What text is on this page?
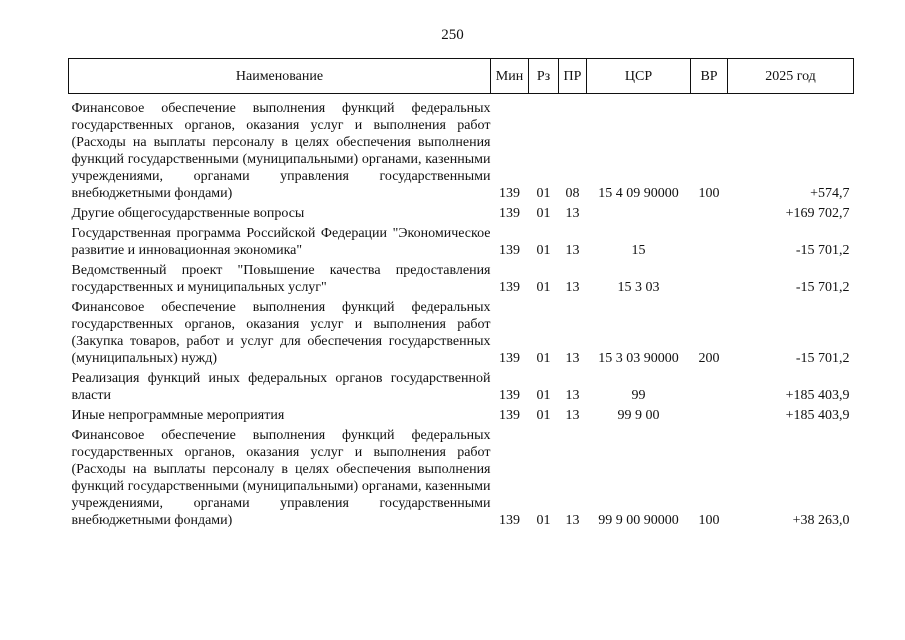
250
Наименование	Мин	Рз	ПР	ЦСР	ВР	2025 год
Финансовое обеспечение выполнения функций федеральных государственных органов, оказания услуг и выполнения работ (Расходы на выплаты персоналу в целях обеспечения выполнения функций государственными (муниципальными) органами, казенными учреждениями, органами управления государственными внебюджетными фондами)	139	01	08	15 4 09 90000	100	+574,7
Другие общегосударственные вопросы	139	01	13			+169 702,7
Государственная программа Российской Федерации "Экономическое развитие и инновационная экономика"	139	01	13	15		-15 701,2
Ведомственный проект "Повышение качества предоставления государственных и муниципальных услуг"	139	01	13	15 3 03		-15 701,2
Финансовое обеспечение выполнения функций федеральных государственных органов, оказания услуг и выполнения работ (Закупка товаров, работ и услуг для обеспечения государственных (муниципальных) нужд)	139	01	13	15 3 03 90000	200	-15 701,2
Реализация функций иных федеральных органов государственной власти	139	01	13	99		+185 403,9
Иные непрограммные мероприятия	139	01	13	99 9 00		+185 403,9
Финансовое обеспечение выполнения функций федеральных государственных органов, оказания услуг и выполнения работ (Расходы на выплаты персоналу в целях обеспечения выполнения функций государственными (муниципальными) органами, казенными учреждениями, органами управления государственными внебюджетными фондами)	139	01	13	99 9 00 90000	100	+38 263,0
